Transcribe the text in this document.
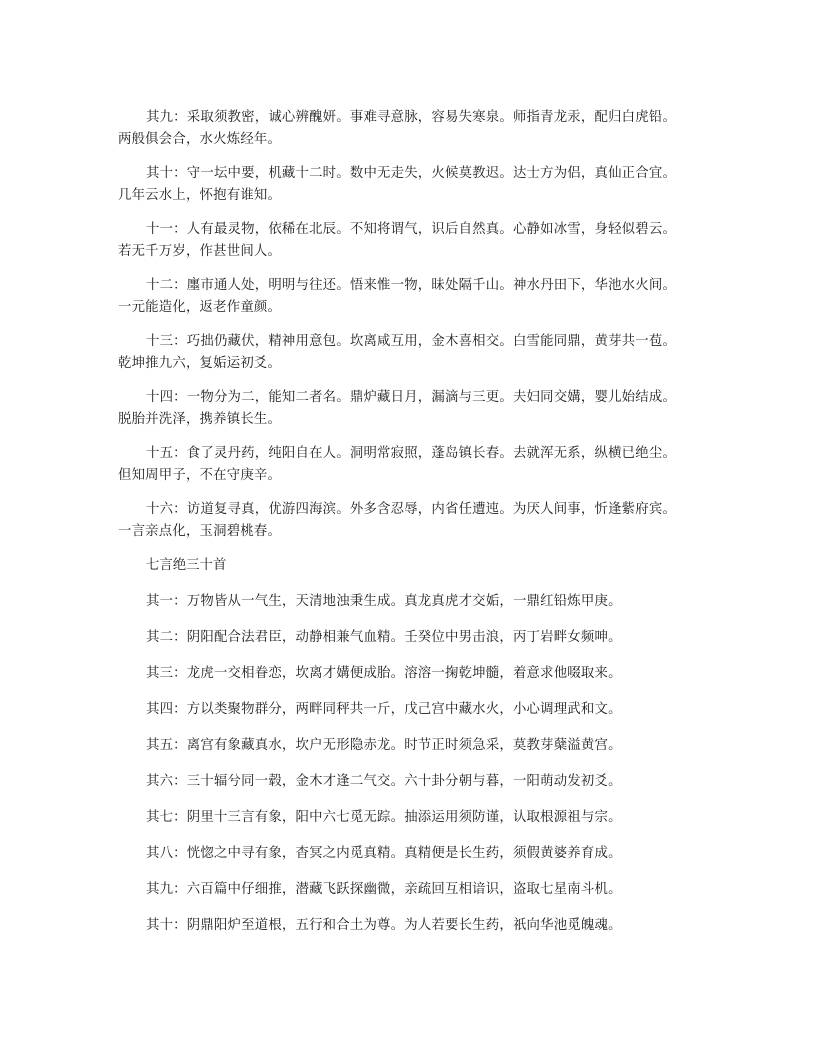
其九：采取须教密，诚心辨醜妍。事难寻意脉，容易失寒泉。师指青龙汞，配归白虎铅。
两般俱会合，水火炼经年。
其十：守一坛中要，机藏十二时。数中无走失，火候莫教迟。达士方为侣，真仙正合宜。
几年云水上，怀抱有谁知。
十一：人有最灵物，依稀在北辰。不知将谓气，识后自然真。心静如冰雪，身轻似碧云。
若无千万岁，作甚世间人。
十二：廛市通人处，明明与往还。悟来惟一物，昧处隔千山。神水丹田下，华池水火间。
一元能造化，返老作童颜。
十三：巧拙仍藏伏，精神用意包。坎离咸互用，金木喜相交。白雪能同鼎，黄芽共一苞。
乾坤推九六，复姤运初爻。
十四：一物分为二，能知二者名。鼎炉藏日月，漏滴与三更。夫妇同交媾，婴儿始结成。
脱胎并洗泽，携养镇长生。
十五：食了灵丹药，纯阳自在人。洞明常寂照，蓬岛镇长春。去就浑无系，纵横已绝尘。
但知周甲子，不在守庚辛。
十六：访道复寻真，优游四海滨。外多含忍辱，内省任遭迍。为厌人间事，忻逢紫府宾。
一言亲点化，玉洞碧桃春。
七言绝三十首
其一：万物皆从一气生，天清地浊秉生成。真龙真虎才交姤，一鼎红铅炼甲庚。
其二：阴阳配合法君臣，动静相兼气血精。壬癸位中男击浪，丙丁岩畔女频呻。
其三：龙虎一交相眷恋，坎离才媾便成胎。溶溶一掬乾坤髓，着意求他啜取来。
其四：方以类聚物群分，两畔同秤共一斤，戊己宫中藏水火，小心调理武和文。
其五：离宫有象藏真水，坎户无形隐赤龙。时节正时须急采，莫教芽蘖溢黄宫。
其六：三十辐兮同一毂，金木才逢二气交。六十卦分朝与暮，一阳萌动发初爻。
其七：阴里十三言有象，阳中六七觅无踪。抽添运用须防谨，认取根源祖与宗。
其八：恍惚之中寻有象，杳冥之内觅真精。真精便是长生药，须假黄婆养育成。
其九：六百篇中仔细推，潜藏飞跃探幽微，亲疏回互相谙识，盗取七星南斗机。
其十：阴鼎阳炉至道根，五行和合土为尊。为人若要长生药，祇向华池觅魄魂。
